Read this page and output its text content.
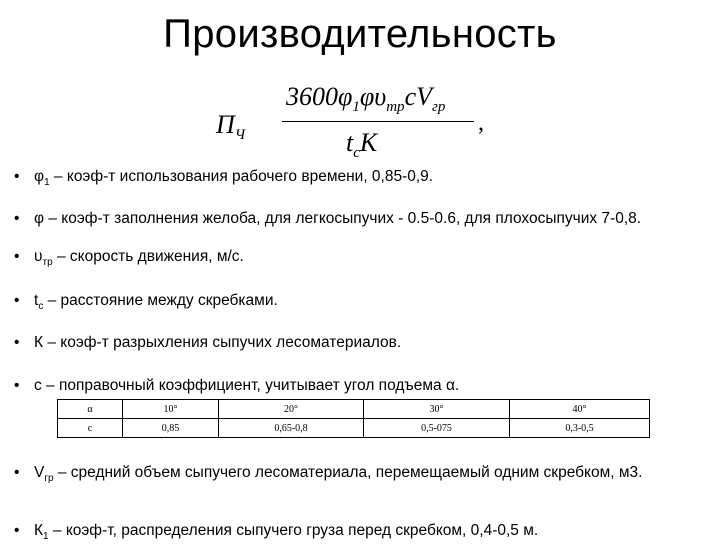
Производительность
$П_Ч$
$3600\varphi_1\varphi\upsilon_{тр}cV_{гр}$
$t_cK$
,
• $\varphi_1$ – коэф-т использования рабочего времени, 0,85-0,9.
• φ – коэф-т заполнения желоба, для легкосыпучих - 0.5-0.6, для плохосыпучих 7-0,8.
• $\upsilon_{тр}$ – скорость движения, м/с.
• $t_с$ – расстояние между скребками.
• К – коэф-т разрыхления сыпучих лесоматериалов.
• с – поправочный коэффициент, учитывает угол подъема α.
α	10°	20°	30°	40°
с	0,85	0,65-0,8	0,5-075	0,3-0,5
• $V_{гр}$ – средний объем сыпучего лесоматериала, перемещаемый одним скребком, м3.
• $К_1$ – коэф-т, распределения сыпучего груза перед скребком, 0,4-0,5 м.
